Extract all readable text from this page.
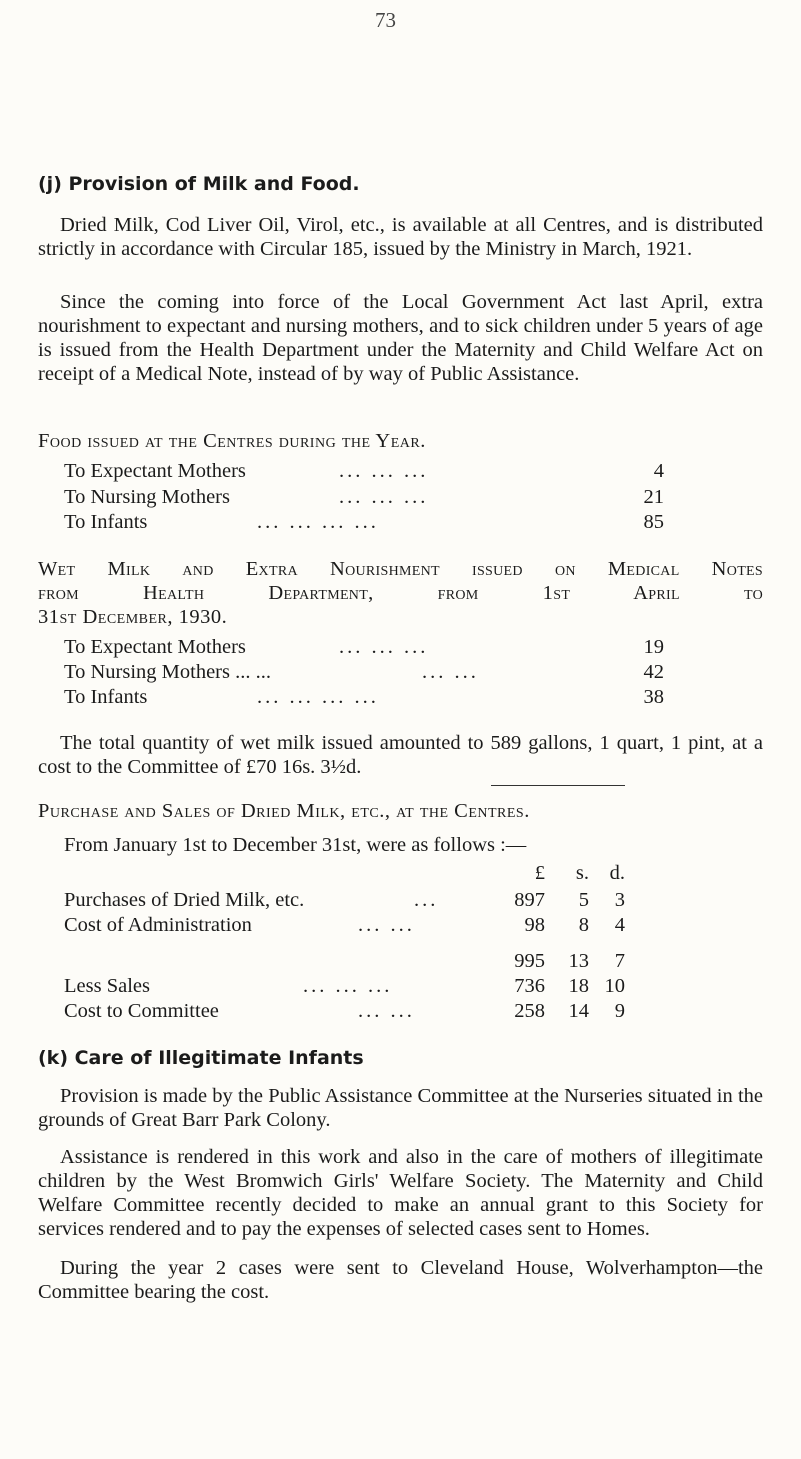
73
(j) Provision of Milk and Food.

Dried Milk, Cod Liver Oil, Virol, etc., is available at all Centres, and is distributed strictly in accordance with Circular 185, issued by the Ministry in March, 1921.

Since the coming into force of the Local Government Act last April, extra nourishment to expectant and nursing mothers, and to sick children under 5 years of age is issued from the Health Department under the Maternity and Child Welfare Act on receipt of a Medical Note, instead of by way of Public Assistance.

Food issued at the Centres during the Year.
To Expectant Mothers	... ... ...	4
To Nursing Mothers	... ... ...	21
To Infants	... ... ... ...	85
Wet Milk and Extra Nourishment issued on Medical Notes
from Health Department, from 1st April to
31st December, 1930.
To Expectant Mothers	... ... ...	19
To Nursing Mothers ... ...	... ...	42
To Infants	... ... ... ...	38

The total quantity of wet milk issued amounted to 589 gallons, 1 quart, 1 pint, at a cost to the Committee of £70 16s. 3½d.

Purchase and Sales of Dried Milk, etc., at the Centres.
From January 1st to December 31st, were as follows :—
£	s.	d.
Purchases of Dried Milk, etc.	...	897	5	3
Cost of Administration	... ...	98	8	4
995	13	7
Less Sales	... ... ...	736	18 10
Cost to Committee	... ...	258	14	9
(k) Care of Illegitimate Infants

Provision is made by the Public Assistance Committee at the Nurseries situated in the grounds of Great Barr Park Colony.

Assistance is rendered in this work and also in the care of mothers of illegitimate children by the West Bromwich Girls' Welfare Society. The Maternity and Child Welfare Committee recently decided to make an annual grant to this Society for services rendered and to pay the expenses of selected cases sent to Homes.

During the year 2 cases were sent to Cleveland House, Wolverhampton—the Committee bearing the cost.
